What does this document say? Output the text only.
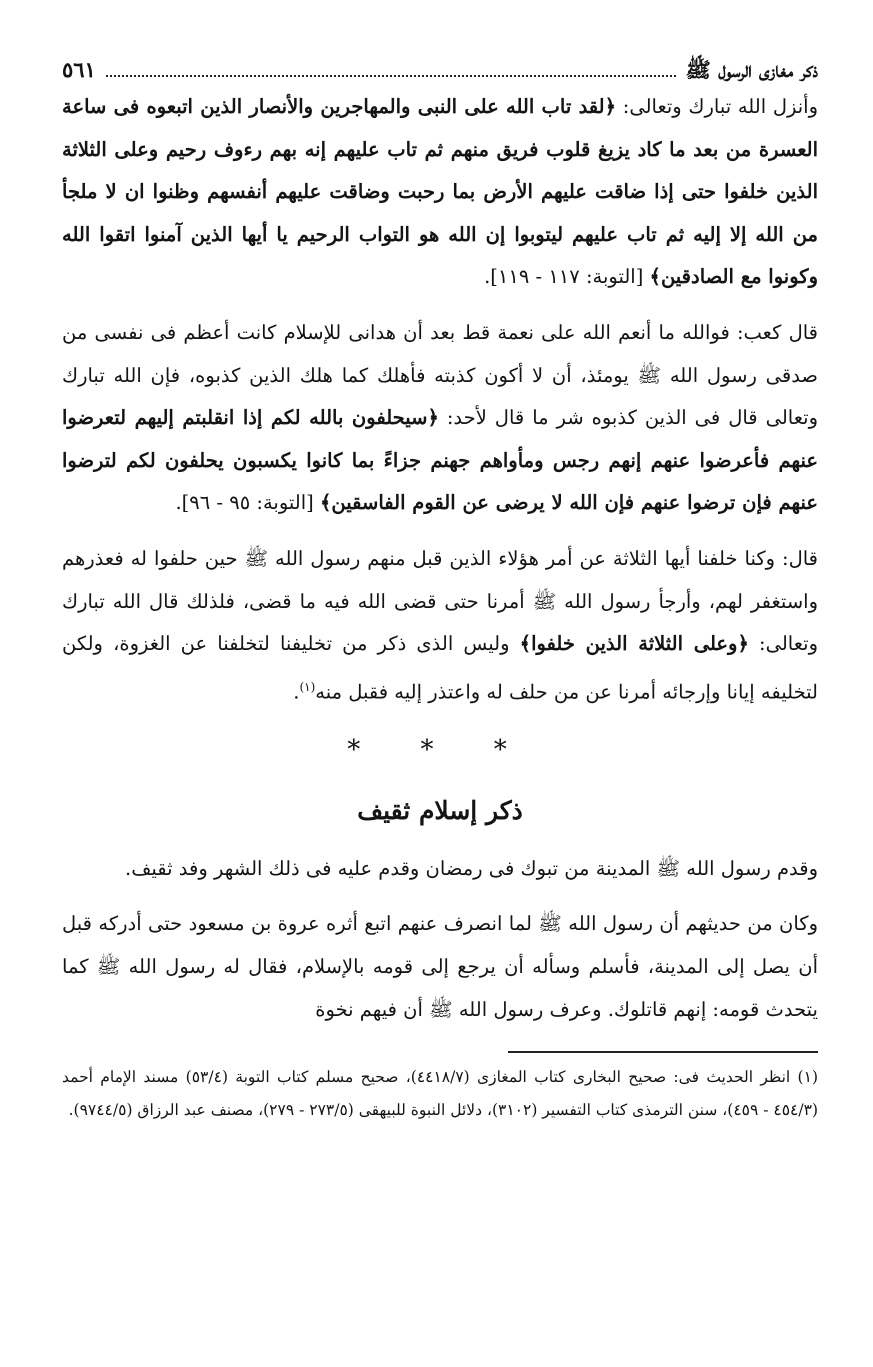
ذكر مغازى الرسول ﷺ
٥٦١

وأنزل الله تبارك وتعالى: ﴿لقد تاب الله على النبى والمهاجرين والأنصار الذين اتبعوه فى ساعة العسرة من بعد ما كاد يزيغ قلوب فريق منهم ثم تاب عليهم إنه بهم رءوف رحيم وعلى الثلاثة الذين خلفوا حتى إذا ضاقت عليهم الأرض بما رحبت وضاقت عليهم أنفسهم وظنوا ان لا ملجأ من الله إلا إليه ثم تاب عليهم ليتوبوا إن الله هو التواب الرحيم يا أيها الذين آمنوا اتقوا الله وكونوا مع الصادقين﴾ [التوبة: ١١٧ - ١١٩].

قال كعب: فوالله ما أنعم الله على نعمة قط بعد أن هدانى للإسلام كانت أعظم فى نفسى من صدقى رسول الله ﷺ يومئذ، أن لا أكون كذبته فأهلك كما هلك الذين كذبوه، فإن الله تبارك وتعالى قال فى الذين كذبوه شر ما قال لأحد: ﴿سيحلفون بالله لكم إذا انقلبتم إليهم لتعرضوا عنهم فأعرضوا عنهم إنهم رجس ومأواهم جهنم جزاءً بما كانوا يكسبون يحلفون لكم لترضوا عنهم فإن ترضوا عنهم فإن الله لا يرضى عن القوم الفاسقين﴾ [التوبة: ٩٥ - ٩٦].

قال: وكنا خلفنا أيها الثلاثة عن أمر هؤلاء الذين قبل منهم رسول الله ﷺ حين حلفوا له فعذرهم واستغفر لهم، وأرجأ رسول الله ﷺ أمرنا حتى قضى الله فيه ما قضى، فلذلك قال الله تبارك وتعالى: ﴿وعلى الثلاثة الذين خلفوا﴾ وليس الذى ذكر من تخليفنا لتخلفنا عن الغزوة، ولكن لتخليفه إيانا وإرجائه أمرنا عن من حلف له واعتذر إليه فقبل منه$^{(١)}$.

* * *
ذكر إسلام ثقيف

وقدم رسول الله ﷺ المدينة من تبوك فى رمضان وقدم عليه فى ذلك الشهر وفد ثقيف.

وكان من حديثهم أن رسول الله ﷺ لما انصرف عنهم اتبع أثره عروة بن مسعود حتى أدركه قبل أن يصل إلى المدينة، فأسلم وسأله أن يرجع إلى قومه بالإسلام، فقال له رسول الله ﷺ كما يتحدث قومه: إنهم قاتلوك. وعرف رسول الله ﷺ أن فيهم نخوة

(١) انظر الحديث فى: صحيح البخارى كتاب المغازى (٤٤١٨/٧)، صحيح مسلم كتاب التوبة (٥٣/٤) مسند الإمام أحمد (٤٥٤/٣ - ٤٥٩)، سنن الترمذى كتاب التفسير (٣١٠٢)، دلائل النبوة للبيهقى (٢٧٣/٥ - ٢٧٩)، مصنف عبد الرزاق (٩٧٤٤/٥).
